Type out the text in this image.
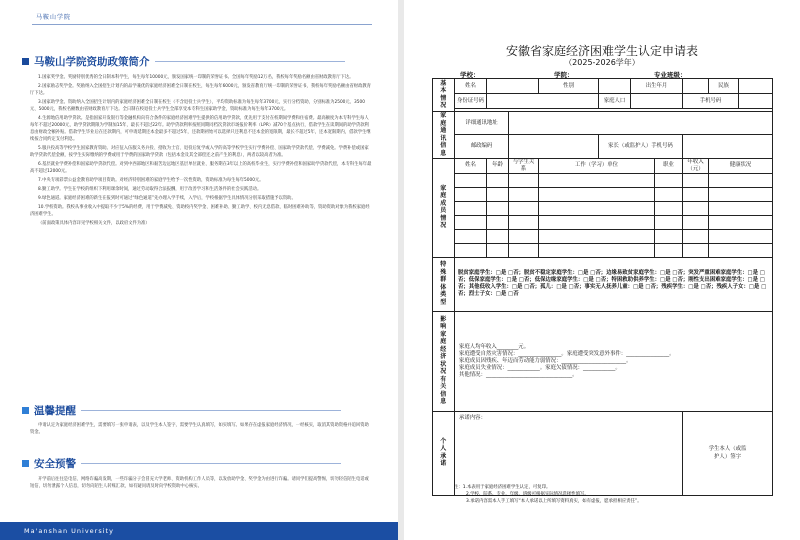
马鞍山学院
马鞍山学院资助政策简介

1.国家奖学金。奖励特别优秀的全日制本科学生，每生每年10000元，颁发国家统一印制的荣誉证书。全国每年奖励12万名，我校每年奖励名额由省财政教育厅下达。

2.国家励志奖学金。奖励纳入全国招生计划内的品学兼优的家庭经济困难全日制在校生，每生每年6000元，颁发省教育厅统一印制的荣誉证书，我校每年奖励名额由省财政教育厅下达。

3.国家助学金。资助纳入全国招生计划内的家庭经济困难全日制在校生（不含退役士兵学生），平均资助标准为每生每年3700元，实行分档资助，分别标准为2500元、3500元、5000元，我校名额数由省财政教育厅下达。全日制在校退役士兵学生全部享受本专科生国家助学金，资助标准为每生每年3700元。

4.生源地信用助学贷款。是指国家开发银行等金融机构向符合条件的家庭经济困难学生提供的信用助学贷款，优先用于支付在校期间学费和住宿费。最高额度为本专科学生每人每年不超过20000元，助学贷款期限为学制加15年，最长不超过22年。助学贷款利率按照同期同档次贷款市场报价利率（LPR）减70个基点执行，借款学生在读期间的助学贷款利息由财政全额补贴。借款学生毕业后在还款期内，可申请延期还本金最多不超过5年，还款期初始可以选择只还利息不还本金的宽限期，最长不超过5年，还本宽限期内，借款学生继续按合同约定支付利息。

5.服兵役高等学校学生国家教育资助。对应征入伍服义务兵役、招收为士官、退役后复学或入学的高等学校学生实行学费补偿、国家助学贷款代偿、学费减免。学费补偿或国家助学贷款代偿金额，按学生实际缴纳的学费或用于学费的国家助学贷款（包括本金及其全部偿还之前产生的利息），两者以较高者为准。

6.基层就业学费补偿和国家助学贷款代偿。对到中西部地区和艰苦边远地区基层单位就业、服务期在3年以上的高校毕业生，实行学费补偿和国家助学贷款代偿，本专科生每年最高不超过12000元。

7.中央专项彩票公益金教育助学项目资助。对经济特别困难的家庭学生给予一次性资助，资助标准为每生每年5000元。

8.勤工助学。学生在学校的组织下利用课余时间，通过劳动取得合法报酬，用于改善学习和生活条件的社会实践活动。

9.绿色通道。家庭经济困难的新生在报到时可通过“绿色通道”先办理入学手续，入学后，学校根据学生具体情况分别采取措施予以资助。

10.学校资助。我校从事业收入中提取不少于5%的经费，用于学费减免、资助校内奖学金、困难补助、勤工助学、校内无息借款、临时困难补助等，资助资助对象为我校家庭经济困难学生。

（前面政策具体内容详见学校相关文件，以政府文件为准）

温馨提醒

申请认定为家庭经济困难学生，需要填写一张申请表，以及学生本人签字，需要学生认真填写，如实填写。如果存在虚报家庭经济情况，一经核实，取消其资助资格并追回资助资金。

安全预警

开学前后往往是电信、网络诈骗高发期，一些诈骗分子会冒充大学老师、资助机构工作人员等，以发放助学金、奖学金为由进行诈骗。请同学们提高警惕，切勿轻信陌生电话或短信，切勿泄露个人信息，切勿向陌生人转账汇款，如有疑问请及时向学校资助中心核实。

Ma'anshan University
安徽省家庭经济困难学生认定申请表
（2025-2026学年）
学校：	学院：	专业班级：
基本情况	姓名			性别		出生年月			民族	
	身份证号码				家庭人口			手机号码		

家庭通讯信息	详细通讯地址									
	邮政编码				家长（或监护人）手机号码					
家庭成员情况	姓名	年龄	与学生关系	工作（学习）单位			职业	年收入（元）	健康状况	

特殊群体类型	脱贫家庭学生：□是 □否；脱贫不稳定家庭学生：□是 □否；边缘易致贫家庭学生：□是 □否；突发严重困难家庭学生：□是 □否；低保家庭学生：□是 □否；低保边缘家庭学生：□是 □否；特困救助供养学生：□是 □否；刚性支出困难家庭学生：□是 □否；其他低收入学生：□是 □否；孤儿：□是 □否；事实无人抚养儿童：□是 □否；残疾学生：□是 □否；残疾人子女：□是 □否；烈士子女：□是 □否									
影响家庭经济状况有关信息	家庭人均年收入________元。
家庭遭受自然灾害情况：________________。家庭遭受突发意外事件：________________。
家庭成员因残疾、年迈而劳动能力弱情况：________________________。
家庭成员失业情况：____________。家庭欠债情况：____________。
其他情况：________________________________。									

个人承诺	承诺内容：							学生本人（或监护人）签字		
注：1.本表用于家庭经济困难学生认定，可复印。
2.学校、院系、专业、年级、班级可根据实际情况选择性填写。
3.承诺内容需本人手工填写“本人承诺以上所填写资料真实，如有虚报，愿承担相应责任”。
